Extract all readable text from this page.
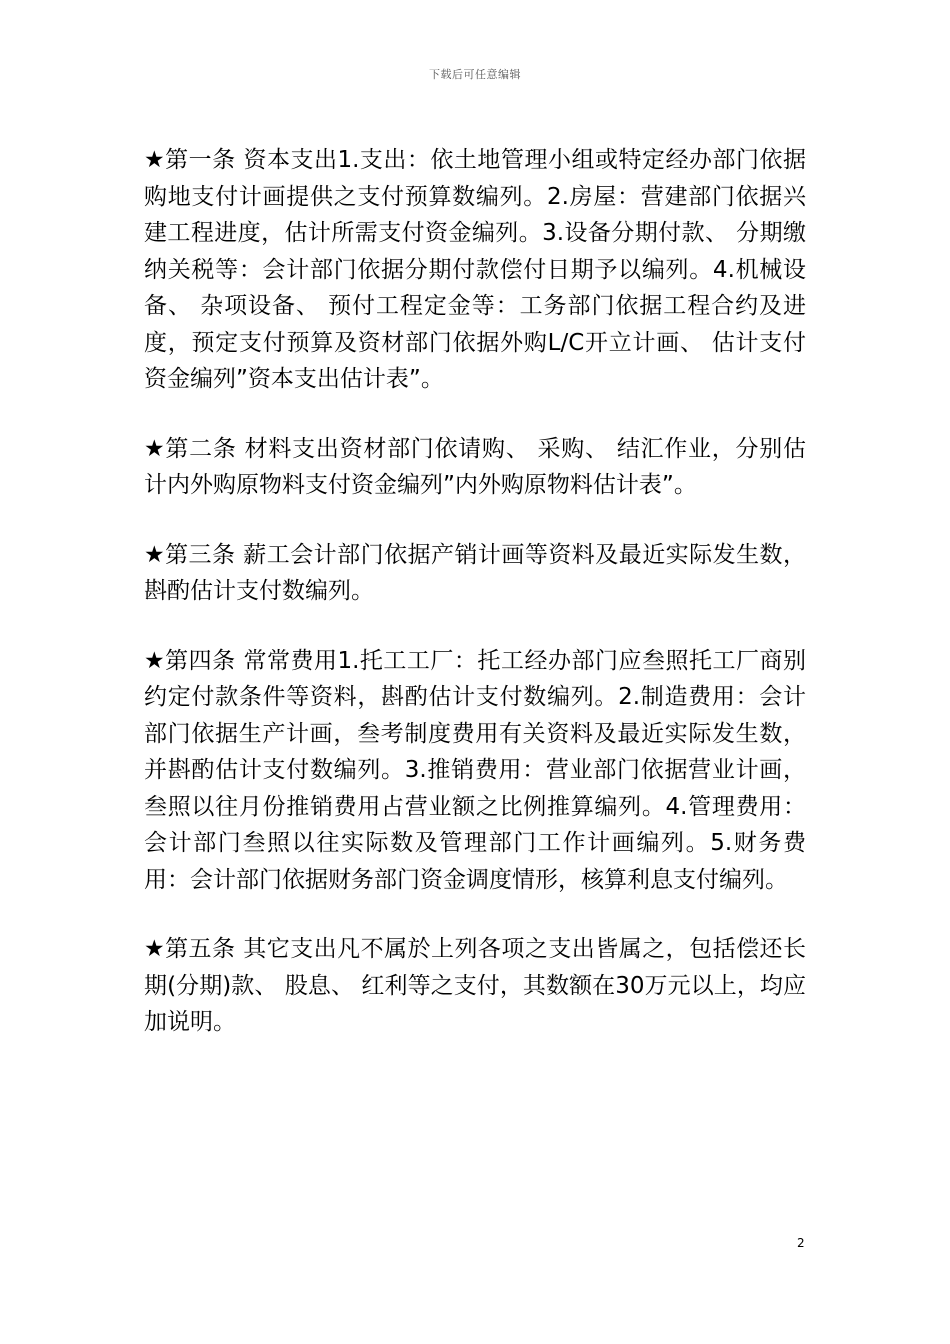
下载后可任意编辑

★第一条 资本支出1.支出：依土地管理小组或特定经办部门依据购地支付计画提供之支付预算数编列。2.房屋：营建部门依据兴建工程进度，估计所需支付资金编列。3.设备分期付款、 分期缴纳关税等：会计部门依据分期付款偿付日期予以编列。4.机械设备、 杂项设备、 预付工程定金等：工务部门依据工程合约及进度，预定支付预算及资材部门依据外购L/C开立计画、 估计支付资金编列”资本支出估计表”。

★第二条 材料支出资材部门依请购、 采购、 结汇作业，分别估计内外购原物料支付资金编列”内外购原物料估计表”。

★第三条 薪工会计部门依据产销计画等资料及最近实际发生数，斟酌估计支付数编列。

★第四条 常常费用1.托工工厂：托工经办部门应叁照托工厂商别约定付款条件等资料，斟酌估计支付数编列。2.制造费用：会计部门依据生产计画，叁考制度费用有关资料及最近实际发生数，并斟酌估计支付数编列。3.推销费用：营业部门依据营业计画，叁照以往月份推销费用占营业额之比例推算编列。4.管理费用：会计部门叁照以往实际数及管理部门工作计画编列。5.财务费用：会计部门依据财务部门资金调度情形，核算利息支付编列。

★第五条 其它支出凡不属於上列各项之支出皆属之，包括偿还长期(分期)款、 股息、 红利等之支付，其数额在30万元以上，均应加说明。

2
